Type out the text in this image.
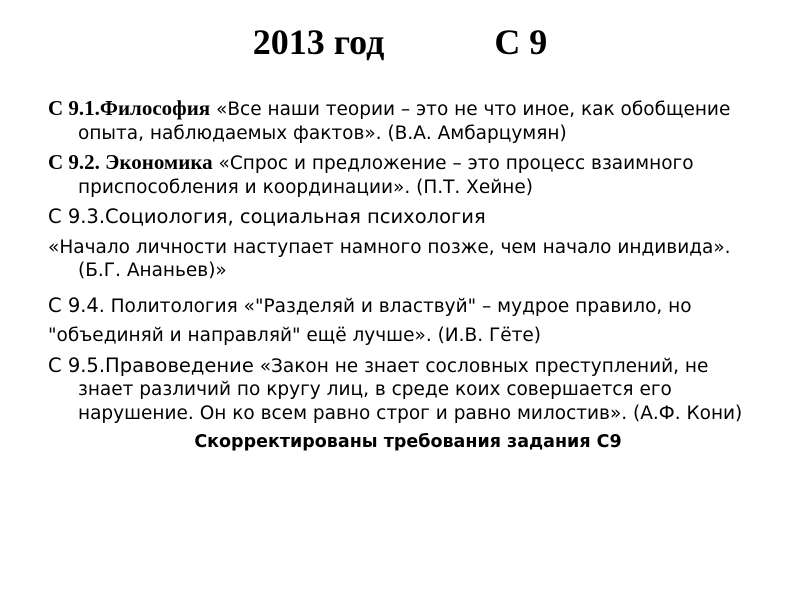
2013 год	С 9

С 9.1.Философия «Все наши теории – это не что иное, как обобщение опыта, наблюдаемых фактов». (В.А. Амбарцумян)

С 9.2. Экономика «Спрос и предложение – это процесс взаимного приспособления и координации». (П.Т. Хейне)

С 9.3.Социология, социальная психология

«Начало личности наступает намного позже, чем начало индивида». (Б.Г. Ананьев)»

С 9.4. Политология «"Разделяй и властвуй" – мудрое правило, но

"объединяй и направляй" ещё лучше». (И.В. Гёте)

С 9.5.Правоведение «Закон не знает сословных преступлений, не знает различий по кругу лиц, в среде коих совершается его нарушение. Он ко всем равно строг и равно милостив». (А.Ф. Кони)

Скорректированы требования задания С9
